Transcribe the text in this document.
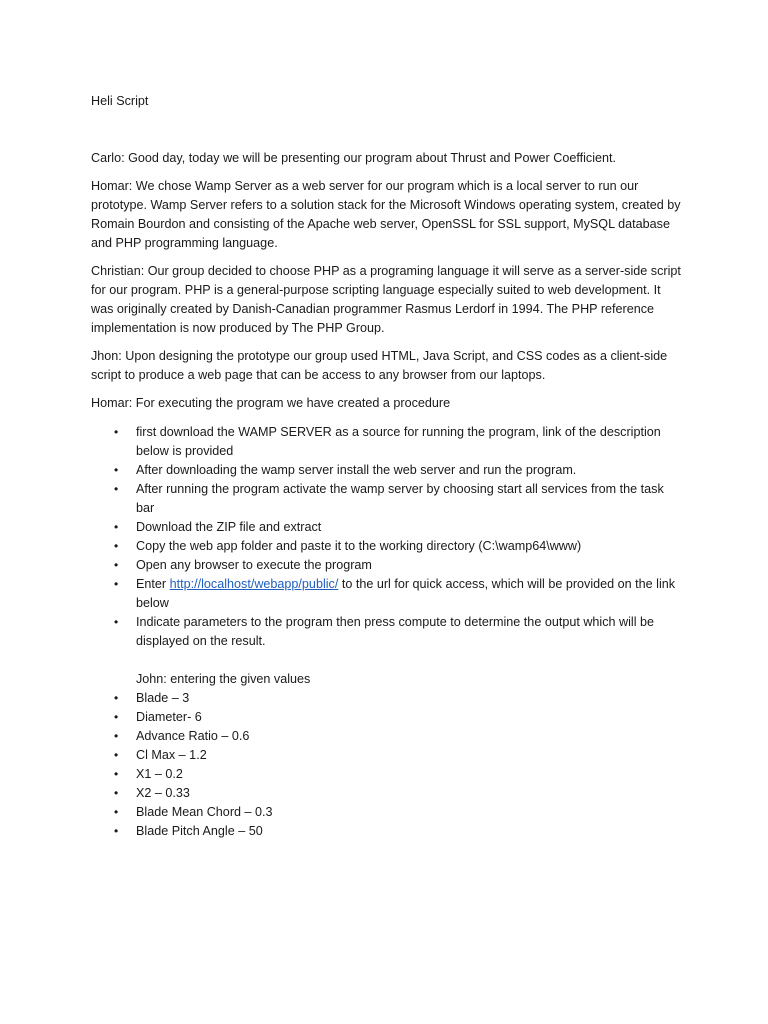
Heli Script

Carlo: Good day, today we will be presenting our program about Thrust and Power Coefficient.

Homar: We chose Wamp Server as a web server for our program which is a local server to run our prototype. Wamp Server refers to a solution stack for the Microsoft Windows operating system, created by Romain Bourdon and consisting of the Apache web server, OpenSSL for SSL support, MySQL database and PHP programming language.

Christian: Our group decided to choose PHP as a programing language it will serve as a server-side script for our program. PHP is a general-purpose scripting language especially suited to web development. It was originally created by Danish-Canadian programmer Rasmus Lerdorf in 1994. The PHP reference implementation is now produced by The PHP Group.

Jhon: Upon designing the prototype our group used HTML, Java Script, and CSS codes as a client-side script to produce a web page that can be access to any browser from our laptops.

Homar: For executing the program we have created a procedure

• first download the WAMP SERVER as a source for running the program, link of the description below is provided
• After downloading the wamp server install the web server and run the program.
• After running the program activate the wamp server by choosing start all services from the task bar
• Download the ZIP file and extract
• Copy the web app folder and paste it to the working directory (C:\wamp64\www)
• Open any browser to execute the program
• Enter http://localhost/webapp/public/ to the url for quick access, which will be provided on the link below
• Indicate parameters to the program then press compute to determine the output which will be displayed on the result.

John: entering the given values

• Blade – 3
• Diameter- 6
• Advance Ratio – 0.6
• Cl Max – 1.2
• X1 – 0.2
• X2 – 0.33
• Blade Mean Chord – 0.3
• Blade Pitch Angle – 50
